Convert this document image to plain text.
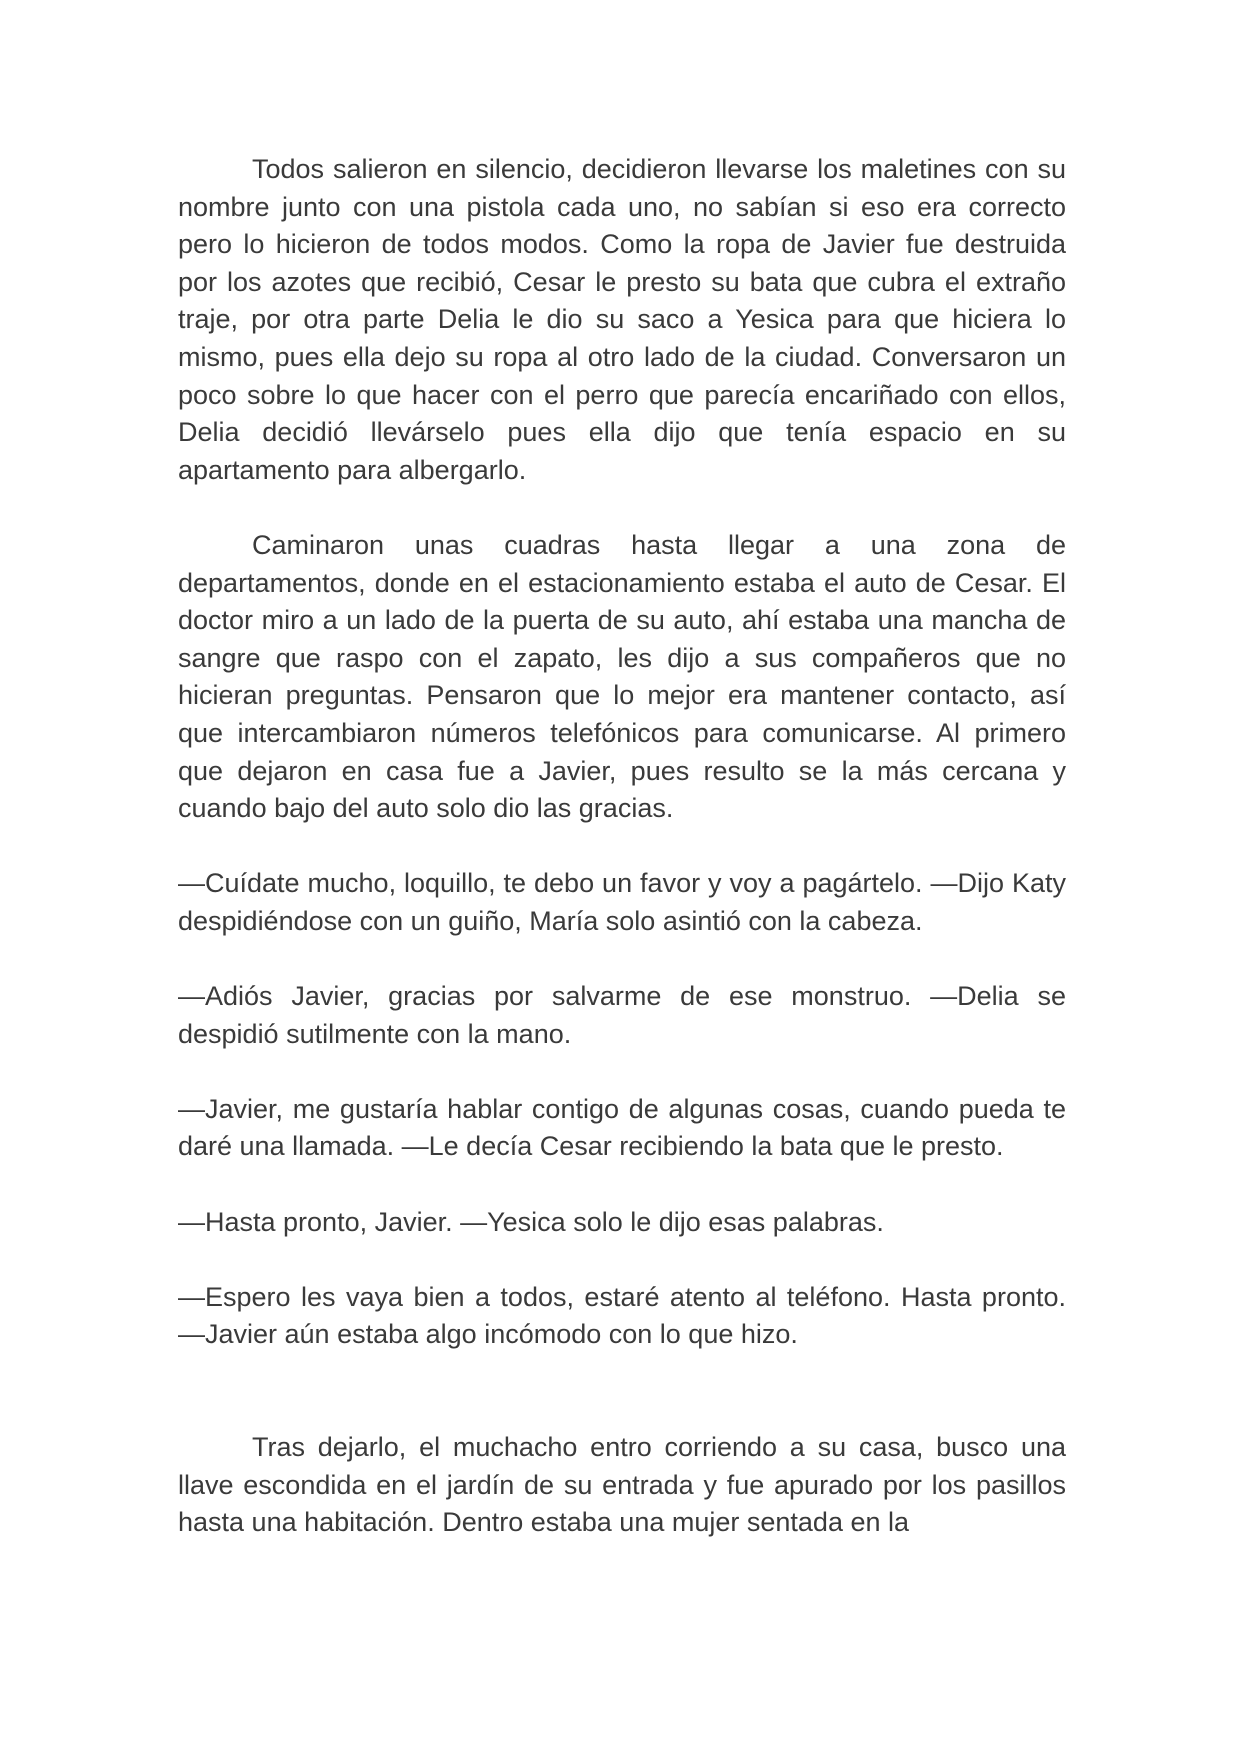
Todos salieron en silencio, decidieron llevarse los maletines con su nombre junto con una pistola cada uno, no sabían si eso era correcto pero lo hicieron de todos modos. Como la ropa de Javier fue destruida por los azotes que recibió, Cesar le presto su bata que cubra el extraño traje, por otra parte Delia le dio su saco a Yesica para que hiciera lo mismo, pues ella dejo su ropa al otro lado de la ciudad. Conversaron un poco sobre lo que hacer con el perro que parecía encariñado con ellos, Delia decidió llevárselo pues ella dijo que tenía espacio en su apartamento para albergarlo.

Caminaron unas cuadras hasta llegar a una zona de departamentos, donde en el estacionamiento estaba el auto de Cesar. El doctor miro a un lado de la puerta de su auto, ahí estaba una mancha de sangre que raspo con el zapato, les dijo a sus compañeros que no hicieran preguntas. Pensaron que lo mejor era mantener contacto, así que intercambiaron números telefónicos para comunicarse. Al primero que dejaron en casa fue a Javier, pues resulto se la más cercana y cuando bajo del auto solo dio las gracias.

—Cuídate mucho, loquillo, te debo un favor y voy a pagártelo. —Dijo Katy despidiéndose con un guiño, María solo asintió con la cabeza.

—Adiós Javier, gracias por salvarme de ese monstruo. —Delia se despidió sutilmente con la mano.

—Javier, me gustaría hablar contigo de algunas cosas, cuando pueda te daré una llamada. —Le decía Cesar recibiendo la bata que le presto.

—Hasta pronto, Javier. —Yesica solo le dijo esas palabras.

—Espero les vaya bien a todos, estaré atento al teléfono. Hasta pronto. —Javier aún estaba algo incómodo con lo que hizo.

Tras dejarlo, el muchacho entro corriendo a su casa, busco una llave escondida en el jardín de su entrada y fue apurado por los pasillos hasta una habitación. Dentro estaba una mujer sentada en la
